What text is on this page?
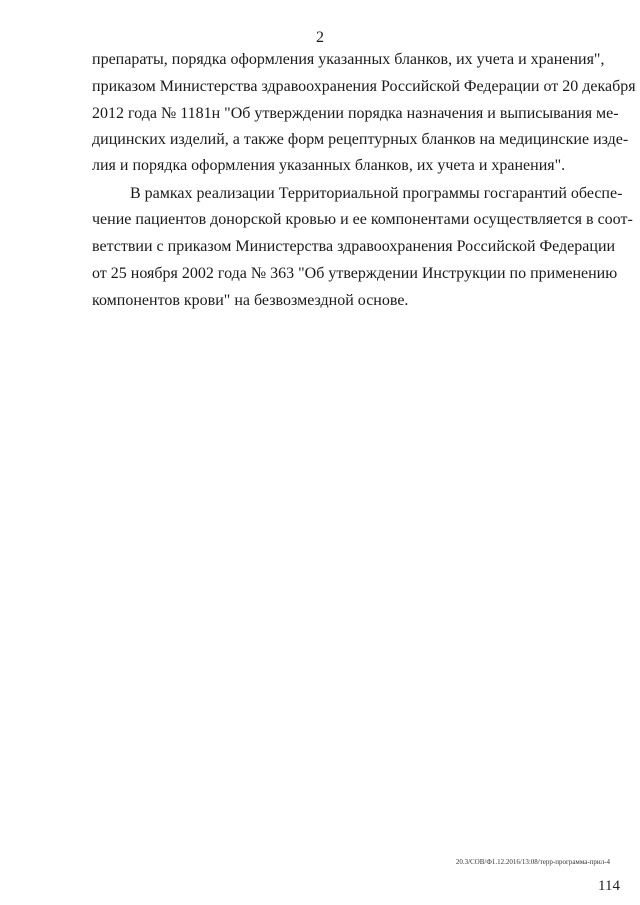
2
препараты, порядка оформления указанных бланков, их учета и хранения",
приказом Министерства здравоохранения Российской Федерации от 20 декабря
2012 года № 1181н "Об утверждении порядка назначения и выписывания ме-
дицинских изделий, а также форм рецептурных бланков на медицинские изде-
лия и порядка оформления указанных бланков, их учета и хранения".
В рамках реализации Территориальной программы госгарантий обеспе-
чение пациентов донорской кровью и ее компонентами осуществляется в соот-
ветствии с приказом Министерства здравоохранения Российской Федерации
от 25 ноября 2002 года № 363 "Об утверждении Инструкции по применению
компонентов крови" на безвозмездной основе.
20.3/СОВ/Ф1.12.2016/13:08/терр-программа-прил-4
114
